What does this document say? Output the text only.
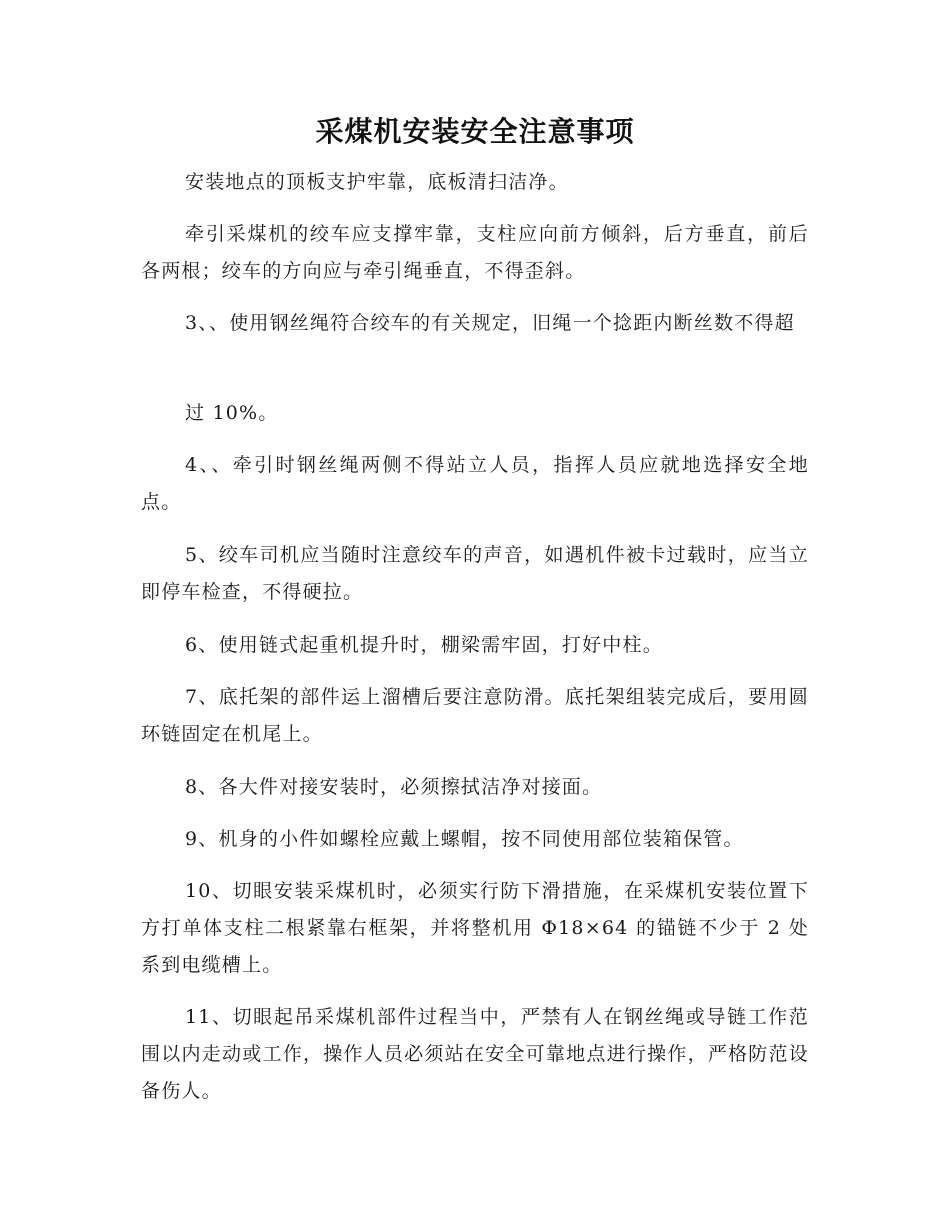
采煤机安装安全注意事项

安装地点的顶板支护牢靠，底板清扫洁净。

牵引采煤机的绞车应支撑牢靠，支柱应向前方倾斜，后方垂直，前后各两根；绞车的方向应与牵引绳垂直，不得歪斜。

3、、使用钢丝绳符合绞车的有关规定，旧绳一个捻距内断丝数不得超

过 10%。

4、、牵引时钢丝绳两侧不得站立人员，指挥人员应就地选择安全地点。

5、绞车司机应当随时注意绞车的声音，如遇机件被卡过载时，应当立即停车检查，不得硬拉。

6、使用链式起重机提升时，棚梁需牢固，打好中柱。

7、底托架的部件运上溜槽后要注意防滑。底托架组装完成后，要用圆环链固定在机尾上。

8、各大件对接安装时，必须擦拭洁净对接面。

9、机身的小件如螺栓应戴上螺帽，按不同使用部位装箱保管。

10、切眼安装采煤机时，必须实行防下滑措施，在采煤机安装位置下方打单体支柱二根紧靠右框架，并将整机用 Φ18×64 的锚链不少于 2 处系到电缆槽上。

11、切眼起吊采煤机部件过程当中，严禁有人在钢丝绳或导链工作范围以内走动或工作，操作人员必须站在安全可靠地点进行操作，严格防范设备伤人。
